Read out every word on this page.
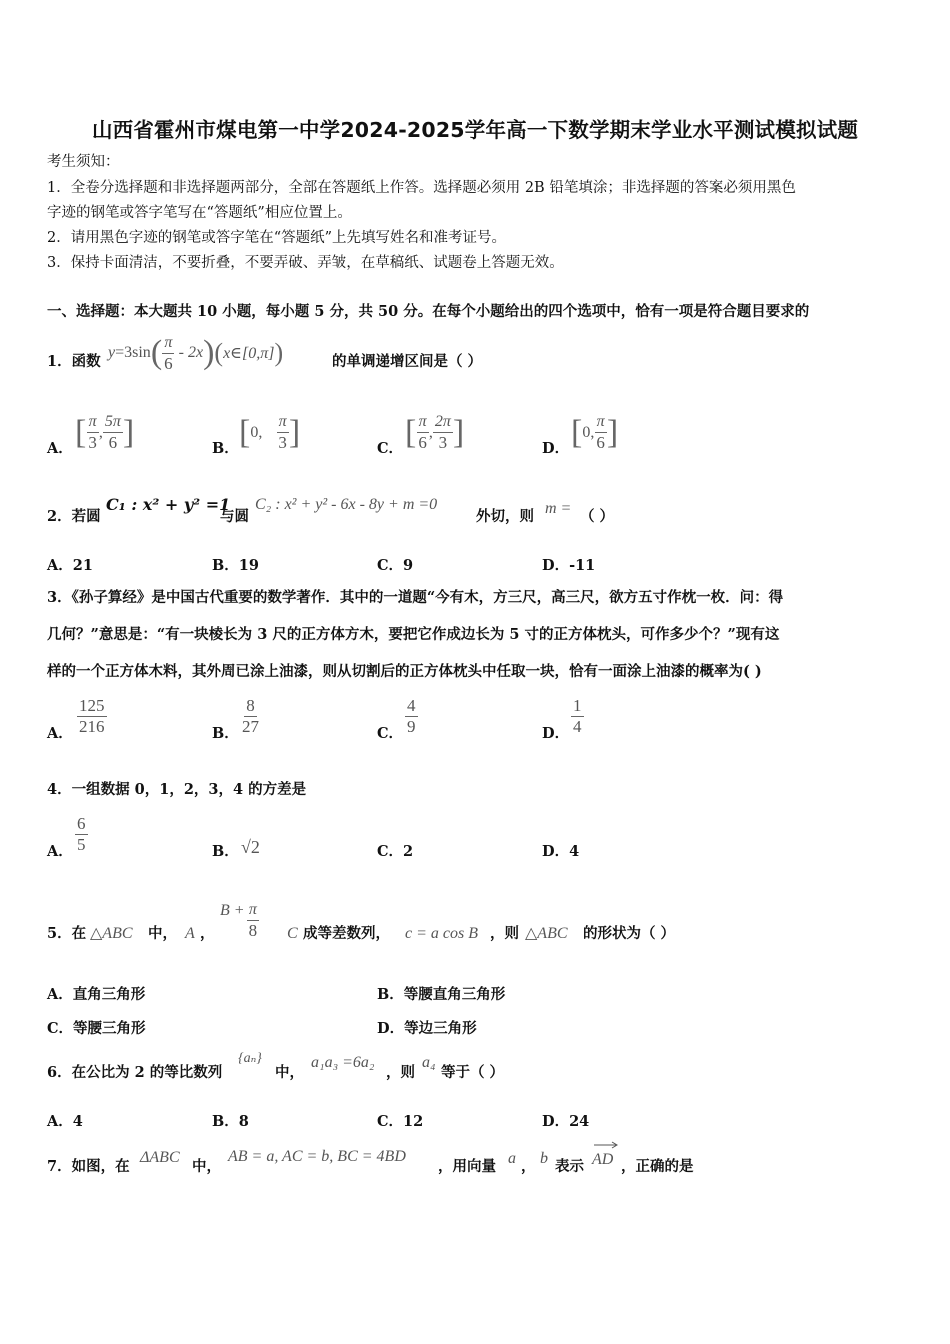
山西省霍州市煤电第一中学2024-2025学年高一下数学期末学业水平测试模拟试题
考生须知：
1．全卷分选择题和非选择题两部分，全部在答题纸上作答。选择题必须用 2B 铅笔填涂；非选择题的答案必须用黑色
字迹的钢笔或答字笔写在“答题纸”相应位置上。
2．请用黑色字迹的钢笔或答字笔在“答题纸”上先填写姓名和准考证号。
3．保持卡面清洁，不要折叠，不要弄破、弄皱，在草稿纸、试题卷上答题无效。
一、选择题：本大题共 10 小题，每小题 5 分，共 50 分。在每个小题给出的四个选项中，恰有一项是符合题目要求的
1．函数
y =3sin ( $\frac{\pi}{6} - 2x$ ) ( x∈[0,π] )	的单调递增区间是（ ）
A． [ $\frac{\pi}{3}$ , $\frac{5\pi}{6}$ ]	B． [ 0, $\frac{\pi}{3}$ ]	C． [ $\frac{\pi}{6}$ , $\frac{2\pi}{3}$ ]	D． [ 0, $\frac{\pi}{6}$ ]
2．若圆
C₁ : x² + y² =1
与圆
C₂ : x² + y² - 6x - 8y + m =0
外切，则 m = （ ）
A．21	B．19	C．9	D．-11
3．《孙子算经》是中国古代重要的数学著作．其中的一道题“今有木，方三尺，高三尺，欲方五寸作枕一枚．问：得
几何？”意思是：“有一块棱长为 3 尺的正方体方木，要把它作成边长为 5 寸的正方体枕头，可作多少个？”现有这
样的一个正方体木料，其外周已涂上油漆，则从切割后的正方体枕头中任取一块，恰有一面涂上油漆的概率为( )
A． $\frac{125}{216}$	B． $\frac{8}{27}$	C． $\frac{4}{9}$	D． $\frac{1}{4}$
4．一组数据 0，1，2，3，4 的方差是
A． $\frac{6}{5}$	B． √2	C．2	D．4
5．在 △ABC 中， A ，
$B + \frac{\pi}{8}$ C 成等差数列， c = a cos B ，则 △ABC 的形状为（ ）
A．直角三角形	B．等腰直角三角形
C．等腰三角形	D．等边三角形
6．在公比为 2 的等比数列
{aₙ}
中，
a₁a₃ =6a₂
，则
a₄
等于（ ）
A．4	B．8	C．12	D．24
7．如图，在
ΔABC
中，
AB = a, AC = b, BC = 4BD
，用向量 a ， b 表示 AD ，正确的是
